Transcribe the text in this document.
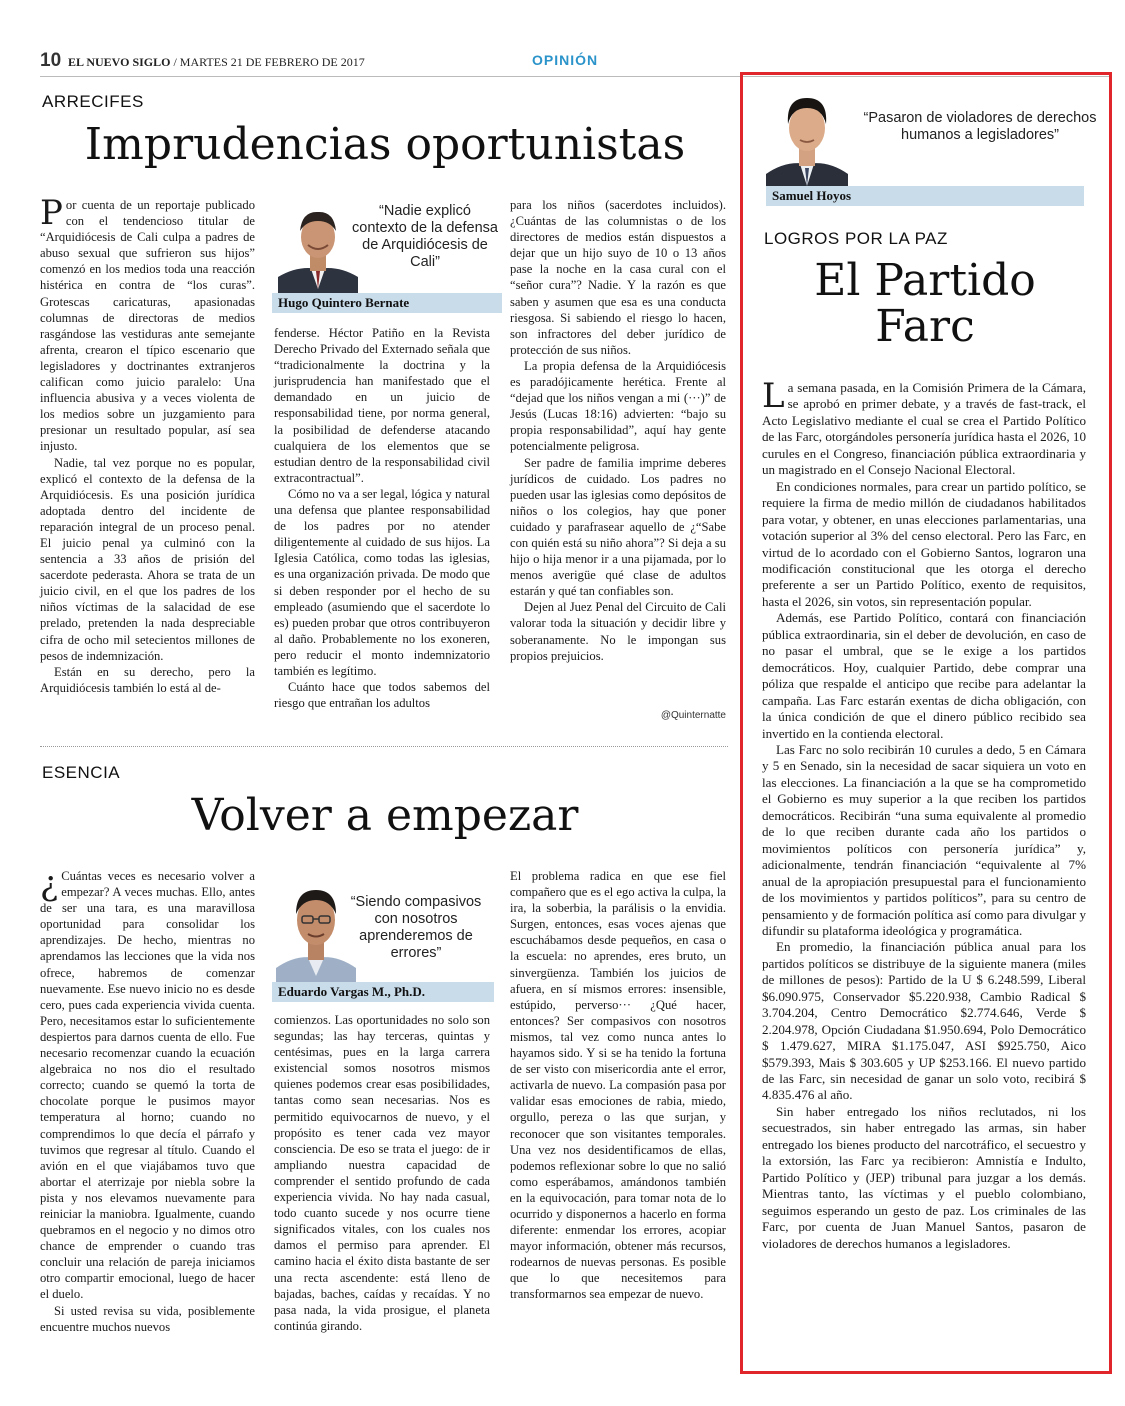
10 EL NUEVO SIGLO / MARTES 21 DE FEBRERO DE 2017	OPINIÓN
ARRECIFES
Imprudencias oportunistas

Por cuenta de un reportaje publicado con el tendencioso titular de “Arquidiócesis de Cali culpa a padres de abuso sexual que sufrieron sus hijos” comenzó en los medios toda una reacción histérica en contra de “los curas”. Grotescas caricaturas, apasionadas columnas de directoras de medios rasgándose las vestiduras ante semejante afrenta, crearon el típico escenario que legisladores y doctrinantes extranjeros califican como juicio paralelo: Una influencia abusiva y a veces violenta de los medios sobre un juzgamiento para presionar un resultado popular, así sea injusto.

Nadie, tal vez porque no es popular, explicó el contexto de la defensa de la Arquidiócesis. Es una posición jurídica adoptada dentro del incidente de reparación integral de un proceso penal. El juicio penal ya culminó con la sentencia a 33 años de prisión del sacerdote pederasta. Ahora se trata de un juicio civil, en el que los padres de los niños víctimas de la salacidad de ese prelado, pretenden la nada despreciable cifra de ocho mil setecientos millones de pesos de indemnización.

Están en su derecho, pero la Arquidiócesis también lo está al de-

“Nadie explicó contexto de la defensa de Arquidiócesis de Cali”
Hugo Quintero Bernate

fenderse. Héctor Patiño en la Revista Derecho Privado del Externado señala que “tradicionalmente la doctrina y la jurisprudencia han manifestado que el demandado en un juicio de responsabilidad tiene, por norma general, la posibilidad de defenderse atacando cualquiera de los elementos que se estudian dentro de la responsabilidad civil extracontractual”.

Cómo no va a ser legal, lógica y natural una defensa que plantee responsabilidad de los padres por no atender diligentemente al cuidado de sus hijos. La Iglesia Católica, como todas las iglesias, es una organización privada. De modo que si deben responder por el hecho de su empleado (asumiendo que el sacerdote lo es) pueden probar que otros contribuyeron al daño. Probablemente no los exoneren, pero reducir el monto indemnizatorio también es legítimo.

Cuánto hace que todos sabemos del riesgo que entrañan los adultos

para los niños (sacerdotes incluidos). ¿Cuántas de las columnistas o de los directores de medios están dispuestos a dejar que un hijo suyo de 10 o 13 años pase la noche en la casa cural con el “señor cura”? Nadie. Y la razón es que saben y asumen que esa es una conducta riesgosa. Si sabiendo el riesgo lo hacen, son infractores del deber jurídico de protección de sus niños.

La propia defensa de la Arquidiócesis es paradójicamente herética. Frente al “dejad que los niños vengan a mi (···)” de Jesús (Lucas 18:16) advierten: “bajo su propia responsabilidad”, aquí hay gente potencialmente peligrosa.

Ser padre de familia imprime deberes jurídicos de cuidado. Los padres no pueden usar las iglesias como depósitos de niños o los colegios, hay que poner cuidado y parafrasear aquello de ¿“Sabe con quién está su niño ahora”? Si deja a su hijo o hija menor ir a una pijamada, por lo menos averigüe qué clase de adultos estarán y qué tan confiables son.

Dejen al Juez Penal del Circuito de Cali valorar toda la situación y decidir libre y soberanamente. No le impongan sus propios prejuicios.

@Quinternatte
ESENCIA
Volver a empezar

¿ Cuántas veces es necesario volver a empezar? A veces muchas. Ello, antes de ser una tara, es una maravillosa oportunidad para consolidar los aprendizajes. De hecho, mientras no aprendamos las lecciones que la vida nos ofrece, habremos de comenzar nuevamente. Ese nuevo inicio no es desde cero, pues cada experiencia vivida cuenta. Pero, necesitamos estar lo suficientemente despiertos para darnos cuenta de ello. Fue necesario recomenzar cuando la ecuación algebraica no nos dio el resultado correcto; cuando se quemó la torta de chocolate porque le pusimos mayor temperatura al horno; cuando no comprendimos lo que decía el párrafo y tuvimos que regresar al título. Cuando el avión en el que viajábamos tuvo que abortar el aterrizaje por niebla sobre la pista y nos elevamos nuevamente para reiniciar la maniobra. Igualmente, cuando quebramos en el negocio y no dimos otro chance de emprender o cuando tras concluir una relación de pareja iniciamos otro compartir emocional, luego de hacer el duelo.

Si usted revisa su vida, posiblemente encuentre muchos nuevos

“Siendo compasivos con nosotros aprenderemos de errores”
Eduardo Vargas M., Ph.D.

comienzos. Las oportunidades no solo son segundas; las hay terceras, quintas y centésimas, pues en la larga carrera existencial somos nosotros mismos quienes podemos crear esas posibilidades, tantas como sean necesarias. Nos es permitido equivocarnos de nuevo, y el propósito es tener cada vez mayor consciencia. De eso se trata el juego: de ir ampliando nuestra capacidad de comprender el sentido profundo de cada experiencia vivida. No hay nada casual, todo cuanto sucede y nos ocurre tiene significados vitales, con los cuales nos damos el permiso para aprender. El camino hacia el éxito dista bastante de ser una recta ascendente: está lleno de bajadas, baches, caídas y recaídas. Y no pasa nada, la vida prosigue, el planeta continúa girando.

El problema radica en que ese fiel compañero que es el ego activa la culpa, la ira, la soberbia, la parálisis o la envidia. Surgen, entonces, esas voces ajenas que escuchábamos desde pequeños, en casa o la escuela: no aprendes, eres bruto, un sinvergüenza. También los juicios de afuera, en sí mismos errores: insensible, estúpido, perverso··· ¿Qué hacer, entonces? Ser compasivos con nosotros mismos, tal vez como nunca antes lo hayamos sido. Y si se ha tenido la fortuna de ser visto con misericordia ante el error, activarla de nuevo. La compasión pasa por validar esas emociones de rabia, miedo, orgullo, pereza o las que surjan, y reconocer que son visitantes temporales. Una vez nos desidentificamos de ellas, podemos reflexionar sobre lo que no salió como esperábamos, amándonos también en la equivocación, para tomar nota de lo ocurrido y disponernos a hacerlo en forma diferente: enmendar los errores, acopiar mayor información, obtener más recursos, rodearnos de nuevas personas. Es posible que lo que necesitemos para transformarnos sea empezar de nuevo.

“Pasaron de violadores de derechos humanos a legisladores”
Samuel Hoyos
LOGROS POR LA PAZ
El Partido
Farc

La semana pasada, en la Comisión Primera de la Cámara, se aprobó en primer debate, y a través de fast-track, el Acto Legislativo mediante el cual se crea el Partido Político de las Farc, otorgándoles personería jurídica hasta el 2026, 10 curules en el Congreso, financiación pública extraordinaria y un magistrado en el Consejo Nacional Electoral.

En condiciones normales, para crear un partido político, se requiere la firma de medio millón de ciudadanos habilitados para votar, y obtener, en unas elecciones parlamentarias, una votación superior al 3% del censo electoral. Pero las Farc, en virtud de lo acordado con el Gobierno Santos, lograron una modificación constitucional que les otorga el derecho preferente a ser un Partido Político, exento de requisitos, hasta el 2026, sin votos, sin representación popular.

Además, ese Partido Político, contará con financiación pública extraordinaria, sin el deber de devolución, en caso de no pasar el umbral, que se le exige a los partidos democráticos. Hoy, cualquier Partido, debe comprar una póliza que respalde el anticipo que recibe para adelantar la campaña. Las Farc estarán exentas de dicha obligación, con la única condición de que el dinero público recibido sea invertido en la contienda electoral.

Las Farc no solo recibirán 10 curules a dedo, 5 en Cámara y 5 en Senado, sin la necesidad de sacar siquiera un voto en las elecciones. La financiación a la que se ha comprometido el Gobierno es muy superior a la que reciben los partidos democráticos. Recibirán “una suma equivalente al promedio de lo que reciben durante cada año los partidos o movimientos políticos con personería jurídica” y, adicionalmente, tendrán financiación “equivalente al 7% anual de la apropiación presupuestal para el funcionamiento de los movimientos y partidos políticos”, para su centro de pensamiento y de formación política así como para divulgar y difundir su plataforma ideológica y programática.

En promedio, la financiación pública anual para los partidos políticos se distribuye de la siguiente manera (miles de millones de pesos): Partido de la U $ 6.248.599, Liberal $6.090.975, Conservador $5.220.938, Cambio Radical $ 3.704.204, Centro Democrático $2.774.646, Verde $ 2.204.978, Opción Ciudadana $1.950.694, Polo Democrático $ 1.479.627, MIRA $1.175.047, ASI $925.750, Aico $579.393, Mais $ 303.605 y UP $253.166. El nuevo partido de las Farc, sin necesidad de ganar un solo voto, recibirá $ 4.835.476 al año.

Sin haber entregado los niños reclutados, ni los secuestrados, sin haber entregado las armas, sin haber entregado los bienes producto del narcotráfico, el secuestro y la extorsión, las Farc ya recibieron: Amnistía e Indulto, Partido Político y (JEP) tribunal para juzgar a los demás. Mientras tanto, las víctimas y el pueblo colombiano, seguimos esperando un gesto de paz. Los criminales de las Farc, por cuenta de Juan Manuel Santos, pasaron de violadores de derechos humanos a legisladores.
